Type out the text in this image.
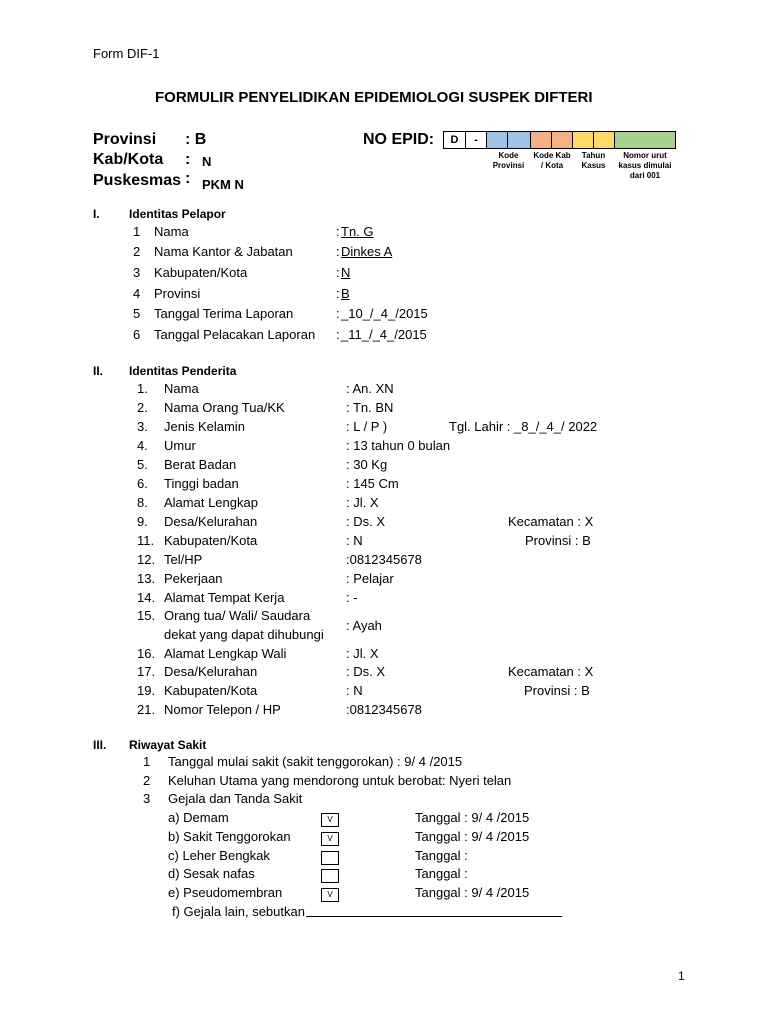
Form DIF-1
FORMULIR PENYELIDIKAN EPIDEMIOLOGI SUSPEK DIFTERI
Provinsi : B
Kab/Kota : N
Puskesmas : PKM N
NO EPID:	D	-
Kode Provinsi
Kode Kab / Kota
Tahun Kasus
Nomor urut kasus dimulai dari 001
I. Identitas Pelapor
1 Nama	: Tn. G
2 Nama Kantor & Jabatan	: Dinkes A
3 Kabupaten/Kota	: N
4 Provinsi	: B
5 Tanggal Terima Laporan	: _10_/_4_/2015
6 Tanggal Pelacakan Laporan : _11_/_4_/2015
II. Identitas Penderita
1. Nama	: An. XN
2. Nama Orang Tua/KK	: Tn. BN
3. Jenis Kelamin	: L / P )	Tgl. Lahir : _8_/_4_/ 2022
4. Umur	: 13 tahun 0 bulan
5. Berat Badan	: 30 Kg
6. Tinggi badan	: 145 Cm
8. Alamat Lengkap	: Jl. X
9. Desa/Kelurahan	: Ds. X	Kecamatan : X
11. Kabupaten/Kota	: N	Provinsi : B
12. Tel/HP	:0812345678
13. Pekerjaan	: Pelajar
14. Alamat Tempat Kerja	: -
15. Orang tua/ Wali/ Saudara
dekat yang dapat dihubungi
: Ayah
16. Alamat Lengkap Wali	: Jl. X
17. Desa/Kelurahan	: Ds. X	Kecamatan : X
19. Kabupaten/Kota	: N	Provinsi : B
21. Nomor Telepon / HP	:0812345678
III. Riwayat Sakit
1 Tanggal mulai sakit (sakit tenggorokan) : 9/ 4 /2015
2 Keluhan Utama yang mendorong untuk berobat: Nyeri telan
3 Gejala dan Tanda Sakit
a) Demam	V	Tanggal : 9/ 4 /2015
b) Sakit Tenggorokan	V	Tanggal : 9/ 4 /2015
c) Leher Bengkak	Tanggal :
d) Sesak nafas	Tanggal :
e) Pseudomembran	V	Tanggal : 9/ 4 /2015
f) Gejala lain, sebutkan
1
